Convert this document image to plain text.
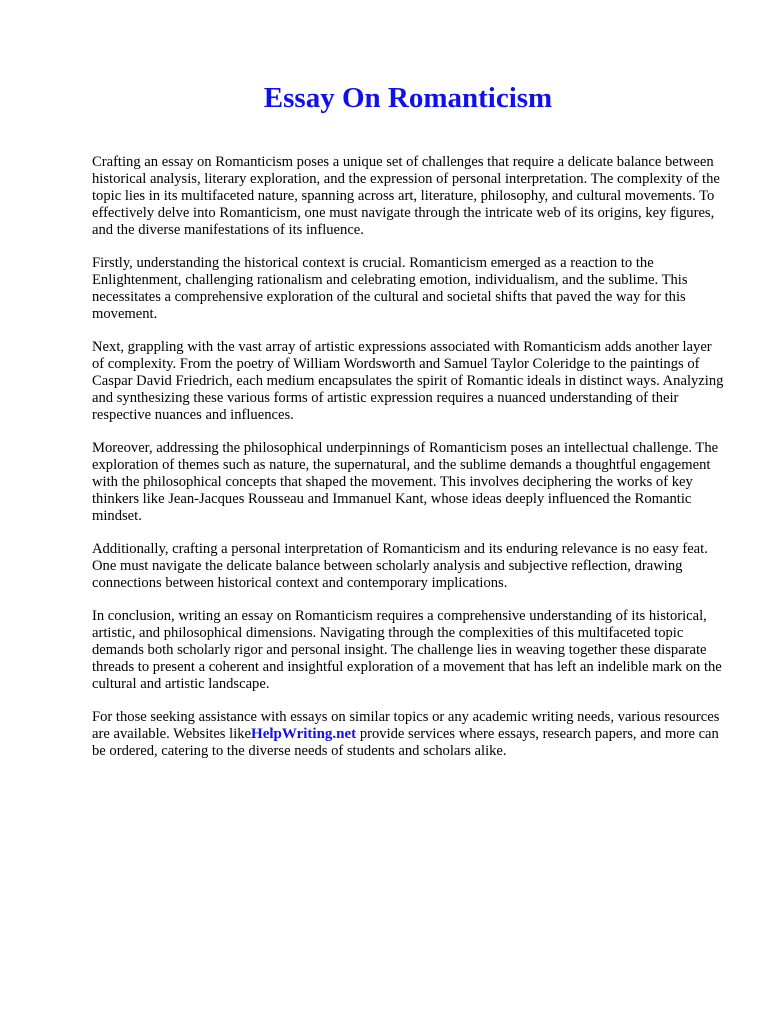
Essay On Romanticism

Crafting an essay on Romanticism poses a unique set of challenges that require a delicate balance between historical analysis, literary exploration, and the expression of personal interpretation. The complexity of the topic lies in its multifaceted nature, spanning across art, literature, philosophy, and cultural movements. To effectively delve into Romanticism, one must navigate through the intricate web of its origins, key figures, and the diverse manifestations of its influence.

Firstly, understanding the historical context is crucial. Romanticism emerged as a reaction to the Enlightenment, challenging rationalism and celebrating emotion, individualism, and the sublime. This necessitates a comprehensive exploration of the cultural and societal shifts that paved the way for this movement.

Next, grappling with the vast array of artistic expressions associated with Romanticism adds another layer of complexity. From the poetry of William Wordsworth and Samuel Taylor Coleridge to the paintings of Caspar David Friedrich, each medium encapsulates the spirit of Romantic ideals in distinct ways. Analyzing and synthesizing these various forms of artistic expression requires a nuanced understanding of their respective nuances and influences.

Moreover, addressing the philosophical underpinnings of Romanticism poses an intellectual challenge. The exploration of themes such as nature, the supernatural, and the sublime demands a thoughtful engagement with the philosophical concepts that shaped the movement. This involves deciphering the works of key thinkers like Jean-Jacques Rousseau and Immanuel Kant, whose ideas deeply influenced the Romantic mindset.

Additionally, crafting a personal interpretation of Romanticism and its enduring relevance is no easy feat. One must navigate the delicate balance between scholarly analysis and subjective reflection, drawing connections between historical context and contemporary implications.

In conclusion, writing an essay on Romanticism requires a comprehensive understanding of its historical, artistic, and philosophical dimensions. Navigating through the complexities of this multifaceted topic demands both scholarly rigor and personal insight. The challenge lies in weaving together these disparate threads to present a coherent and insightful exploration of a movement that has left an indelible mark on the cultural and artistic landscape.

For those seeking assistance with essays on similar topics or any academic writing needs, various resources are available. Websites likeHelpWriting.net provide services where essays, research papers, and more can be ordered, catering to the diverse needs of students and scholars alike.
